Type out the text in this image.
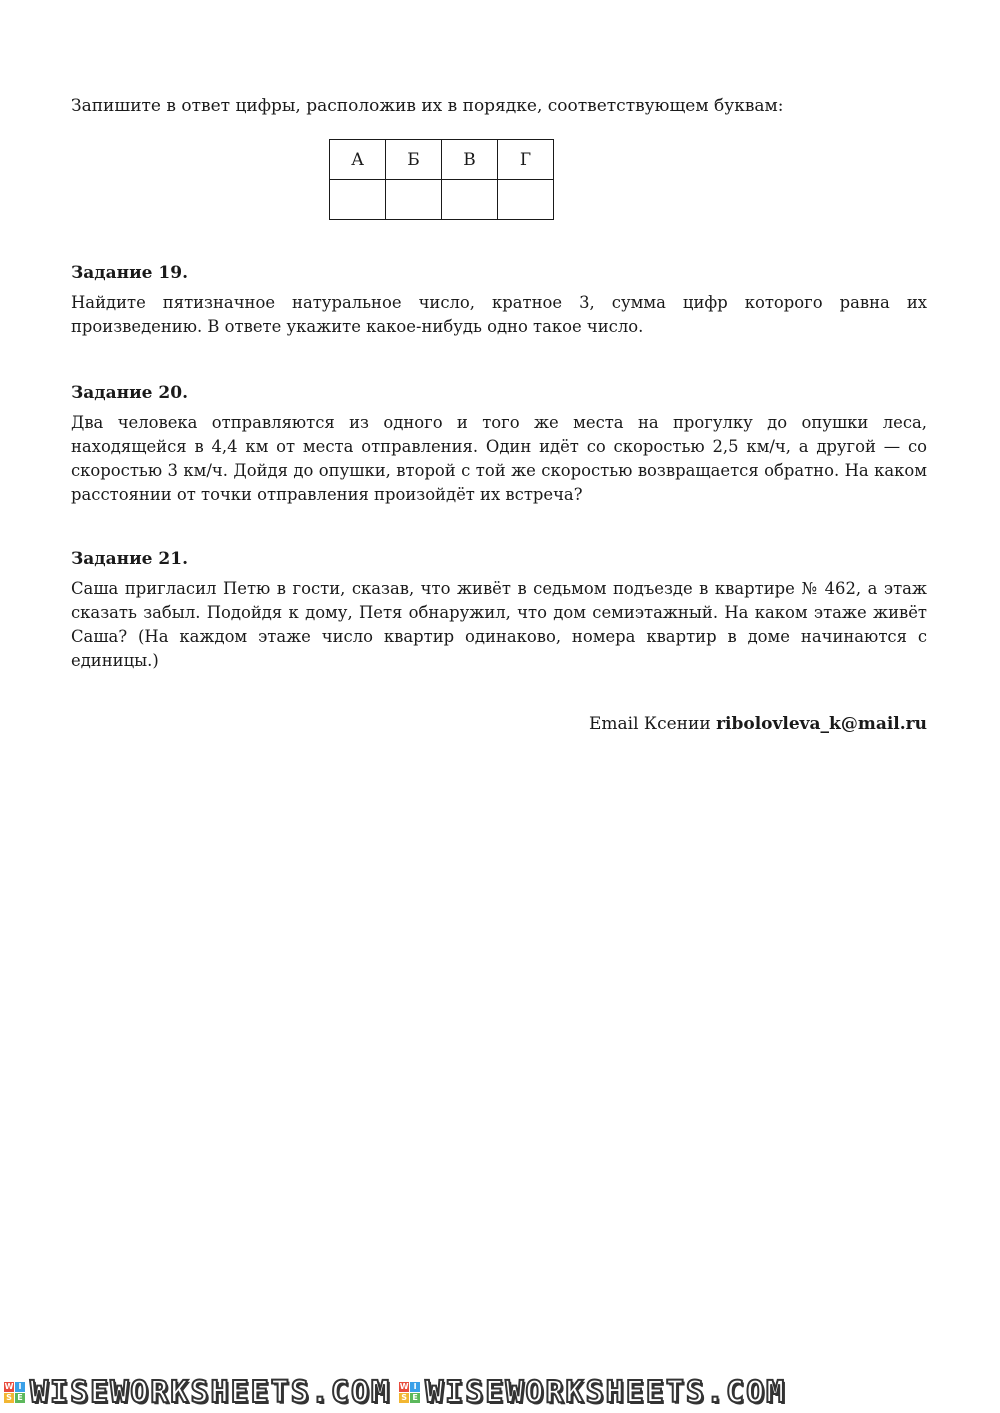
Запишите в ответ цифры, расположив их в порядке, соответствующем буквам:
А	Б	В	Г

Задание 19.

Найдите пятизначное натуральное число, кратное 3, сумма цифр которого равна их произведению. В ответе укажите какое-нибудь одно такое число.

Задание 20.

Два человека отправляются из одного и того же места на прогулку до опушки леса, находящейся в 4,4 км от места отправления. Один идёт со скоростью 2,5 км/ч, а другой — со скоростью 3 км/ч. Дойдя до опушки, второй с той же скоростью возвращается обратно. На каком расстоянии от точки отправления произойдёт их встреча?

Задание 21.

Саша пригласил Петю в гости, сказав, что живёт в седьмом подъезде в квартире № 462, а этаж сказать забыл. Подойдя к дому, Петя обнаружил, что дом семиэтажный. На каком этаже живёт Саша? (На каждом этаже число квартир одинаково, номера квартир в доме начинаются с единицы.)

Email Ксении ribolovleva_k@mail.ru
W I
S E WISEWORKSHEETS.COM W I
S E WISEWORKSHEETS.COM
